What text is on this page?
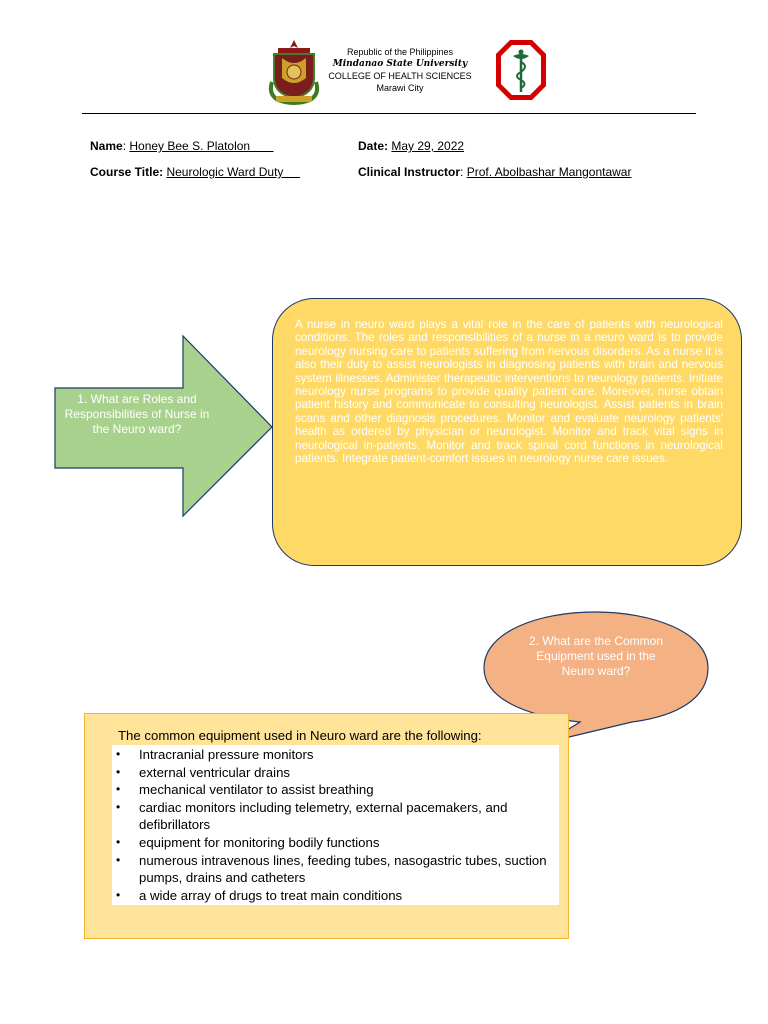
Republic of the Philippines
Mindanao State University
COLLEGE OF HEALTH SCIENCES
Marawi City
Name: Honey Bee S. Platolon	Date: May 29, 2022
Course Title: Neurologic Ward Duty	Clinical Instructor: Prof. Abolbashar Mangontawar
1. What are Roles and Responsibilities of Nurse in the Neuro ward?
A nurse in neuro ward plays a vital role in the care of patients with neurological conditions. The roles and responsibilities of a nurse in a neuro ward is to provide neurology nursing care to patients suffering from nervous disorders. As a nurse it is also their duty to assist neurologists in diagnosing patients with brain and nervous system illnesses. Administer therapeutic interventions to neurology patients. Initiate neurology nurse programs to provide quality patient care. Moreover, nurse obtain patient history and communicate to consulting neurologist. Assist patients in brain scans and other diagnosis procedures. Monitor and evaluate neurology patients' health as ordered by physician or neurologist. Monitor and track vital signs in neurological in-patients. Monitor and track spinal cord functions in neurological patients. Integrate patient-comfort issues in neurology nurse care issues.
2. What are the Common Equipment used in the Neuro ward?
The common equipment used in Neuro ward are the following:
• Intracranial pressure monitors
• external ventricular drains
• mechanical ventilator to assist breathing
• cardiac monitors including telemetry, external pacemakers, and defibrillators
• equipment for monitoring bodily functions
• numerous intravenous lines, feeding tubes, nasogastric tubes, suction pumps, drains and catheters
• a wide array of drugs to treat main conditions
